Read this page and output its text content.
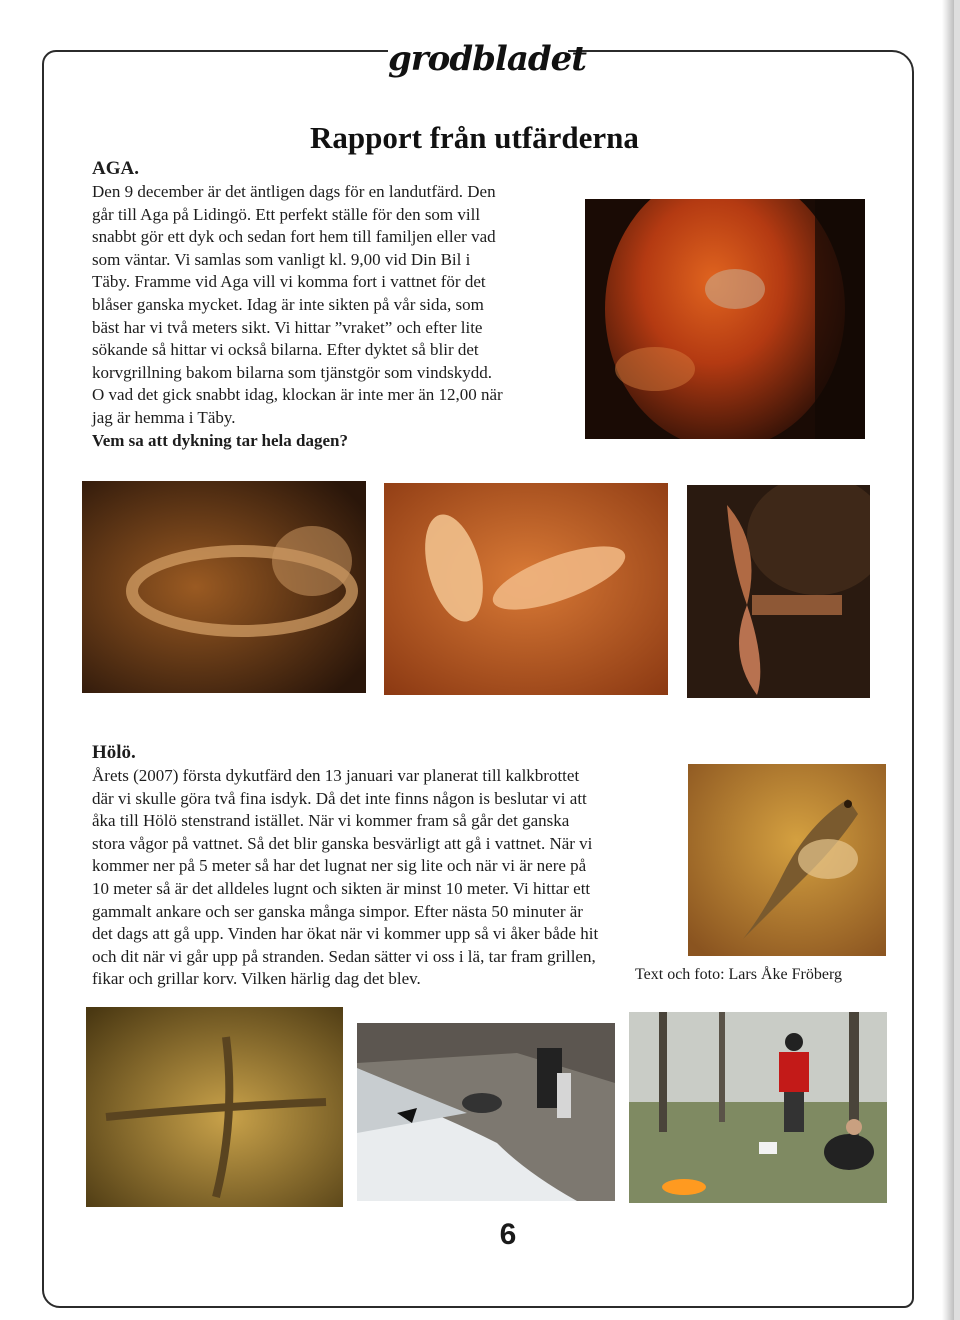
grodbladet
Rapport från utfärderna

AGA.

Den 9 december är det äntligen dags för en landutfärd. Den

går till Aga på Lidingö. Ett perfekt ställe för den som vill

snabbt gör ett dyk och sedan fort hem till familjen eller vad

som väntar. Vi samlas som vanligt kl. 9,00 vid Din Bil i

Täby. Framme vid Aga vill vi komma fort i vattnet för det

blåser ganska mycket. Idag är inte sikten på vår sida, som

bäst har vi två meters sikt. Vi hittar ”vraket” och efter lite

sökande så hittar vi också bilarna. Efter dyktet så blir det

korvgrillning bakom bilarna som tjänstgör som vindskydd.

O vad det gick snabbt idag, klockan är inte mer än 12,00 när

jag är hemma i Täby.

Vem sa att dykning tar hela dagen?

Hölö.

Årets (2007) första dykutfärd den 13 januari var planerat till kalkbrottet

där vi skulle göra två fina isdyk. Då det inte finns någon is beslutar vi att

åka till Hölö stenstrand istället. När vi kommer fram så går det ganska

stora vågor på vattnet. Så det blir ganska besvärligt att gå i vattnet. När vi

kommer ner på 5 meter så har det lugnat ner sig lite och när vi är nere på

10 meter så är det alldeles lugnt och sikten är minst 10 meter. Vi hittar ett

gammalt ankare och ser ganska många simpor. Efter nästa 50 minuter är

det dags att gå upp. Vinden har ökat när vi kommer upp så vi åker både hit

och dit när vi går upp på stranden. Sedan sätter vi oss i lä, tar fram grillen,

fikar och grillar korv. Vilken härlig dag det blev.	Text och foto: Lars Åke Fröberg
6
